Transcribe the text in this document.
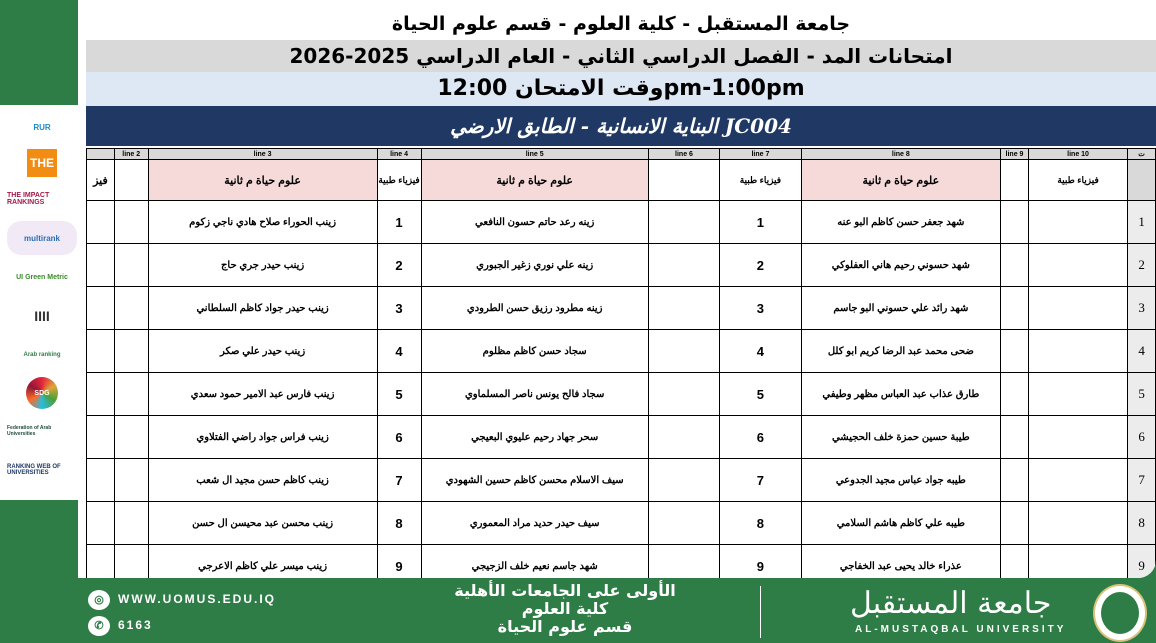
RUR
THE
THE IMPACT RANKINGS
multirank
UI Green Metric
IIII
Arab ranking
SDG
Federation of Arab Universities
RANKING WEB OF UNIVERSITIES
جامعة المستقبل - كلية العلوم - قسم علوم الحياة
امتحانات المد - الفصل الدراسي الثاني - العام الدراسي 2025-2026
وقت الامتحان 12:00pm-1:00pm
البناية الانسانية - الطابق الارضي JC004
	line 2	line 3	line 4	line 5	line 6	line 7	line 8	line 9	line 10	ت
فيز		علوم حياة م ثانية	فيزياء طبية	علوم حياة م ثانية		فيزياء طبية	علوم حياة م ثانية		فيزياء طبية	
		زينب الحوراء صلاح هادي ناجي زكوم	1	زينه رعد حاتم حسون النافعي		1	شهد جعفر حسن كاظم البو عنه			1
		زينب حيدر جري حاج	2	زينه علي نوري زغير الجبوري		2	شهد حسوني رحيم هاني العفلوكي			2
		زينب حيدر جواد كاظم السلطاني	3	زينه مطرود رزيق حسن الطرودي		3	شهد رائد علي حسوني البو جاسم			3
		زينب حيدر علي صكر	4	سجاد حسن كاظم مظلوم		4	ضحى محمد عبد الرضا كريم ابو كلل			4
		زينب فارس عبد الامير حمود سعدي	5	سجاد فالح يونس ناصر المسلماوي		5	طارق عذاب عبد العباس مظهر وطيفي			5
		زينب فراس جواد راضي الفتلاوي	6	سحر جهاد رحيم عليوي البعيجي		6	طيبة حسين حمزة خلف الحجيشي			6
		زينب كاظم حسن مجيد ال شعب	7	سيف الاسلام محسن كاظم حسين الشهودي		7	طيبه جواد عباس مجيد الجدوعي			7
		زينب محسن عبد محيسن ال حسن	8	سيف حيدر حديد مراد المعموري		8	طيبه علي كاظم هاشم السلامي			8
		زينب ميسر علي كاظم الاعرجي	9	شهد جاسم نعيم خلف الزجيجي		9	عذراء خالد يحيى عبد الخفاجي			9
◎ WWW.UOMUS.EDU.IQ
✆ 6163
الأولى على الجامعات الأهلية
كلية العلوم
قسم علوم الحياة
جامعة المستقبل
AL-MUSTAQBAL UNIVERSITY
